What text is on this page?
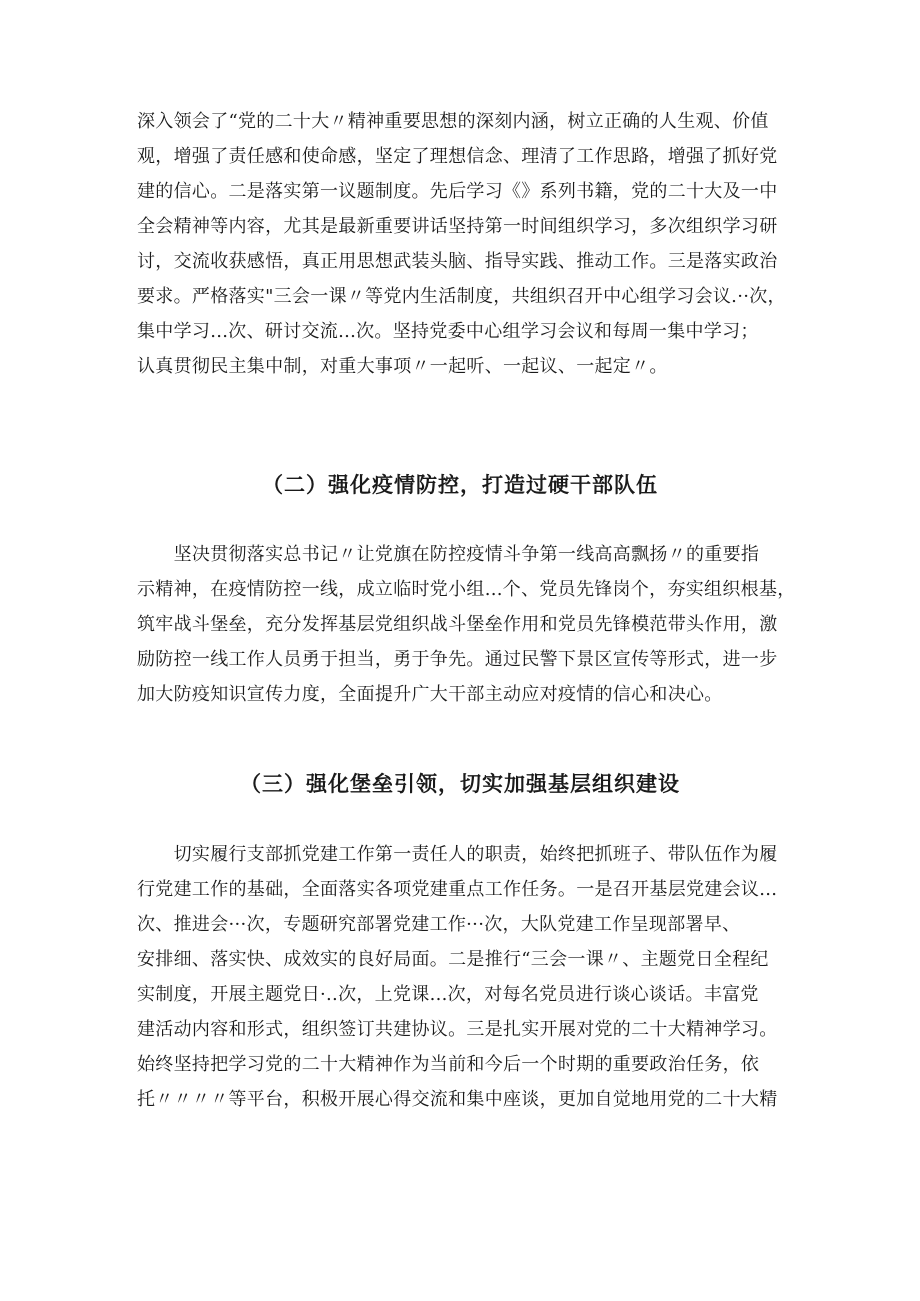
深入领会了“党的二十大〃精神重要思想的深刻内涵，树立正确的人生观、价值
观，增强了责任感和使命感，坚定了理想信念、理清了工作思路，增强了抓好党
建的信心。二是落实第一议题制度。先后学习《》系列书籍，党的二十大及一中
全会精神等内容，尤其是最新重要讲话坚持第一时间组织学习，多次组织学习研
讨，交流收获感悟，真正用思想武装头脑、指导实践、推动工作。三是落实政治
要求。严格落实"三会一课〃等党内生活制度，共组织召开中心组学习会议.··次，
集中学习...次、研讨交流...次。坚持党委中心组学习会议和每周一集中学习；
认真贯彻民主集中制，对重大事项〃一起听、一起议、一起定〃。
（二）强化疫情防控，打造过硬干部队伍
　　坚决贯彻落实总书记〃让党旗在防控疫情斗争第一线高高飘扬〃的重要指
示精神，在疫情防控一线，成立临时党小组...个、党员先锋岗个，夯实组织根基，
筑牢战斗堡垒，充分发挥基层党组织战斗堡垒作用和党员先锋模范带头作用，激
励防控一线工作人员勇于担当，勇于争先。通过民警下景区宣传等形式，进一步
加大防疫知识宣传力度，全面提升广大干部主动应对疫情的信心和决心。
（三）强化堡垒引领，切实加强基层组织建设
　　切实履行支部抓党建工作第一责任人的职责，始终把抓班子、带队伍作为履
行党建工作的基础，全面落实各项党建重点工作任务。一是召开基层党建会议...
次、推进会···次，专题研究部署党建工作···次，大队党建工作呈现部署早、
安排细、落实快、成效实的良好局面。二是推行“三会一课〃、主题党日全程纪
实制度，开展主题党日·..次，上党课...次，对每名党员进行谈心谈话。丰富党
建活动内容和形式，组织签订共建协议。三是扎实开展对党的二十大精神学习。
始终坚持把学习党的二十大精神作为当前和今后一个时期的重要政治任务，依
托〃〃〃〃等平台，积极开展心得交流和集中座谈，更加自觉地用党的二十大精
